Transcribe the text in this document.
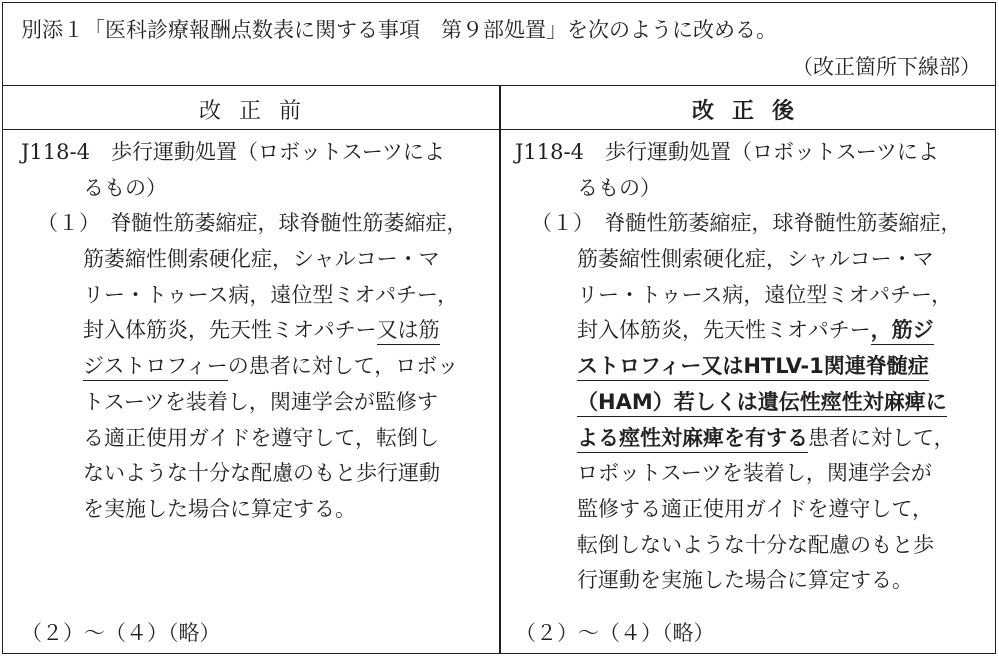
別添１「医科診療報酬点数表に関する事項　第９部処置」を次のように改める。
（改正箇所下線部）
改正前	改正後
J118-4　歩行運動処置（ロボットスーツによ
るもの）
（１）　脊髄性筋萎縮症，球脊髄性筋萎縮症，
筋萎縮性側索硬化症，シャルコー・マ
リー・トゥース病，遠位型ミオパチー，
封入体筋炎，先天性ミオパチー又は筋
ジストロフィーの患者に対して，ロボッ
トスーツを装着し，関連学会が監修す
る適正使用ガイドを遵守して，転倒し
ないような十分な配慮のもと歩行運動
を実施した場合に算定する。
J118-4　歩行運動処置（ロボットスーツによ
るもの）
（１）　脊髄性筋萎縮症，球脊髄性筋萎縮症，
筋萎縮性側索硬化症，シャルコー・マ
リー・トゥース病，遠位型ミオパチー，
封入体筋炎，先天性ミオパチー，筋ジ
ストロフィー又はHTLV-1関連脊髄症
（HAM）若しくは遺伝性痙性対麻痺に
よる痙性対麻痺を有する患者に対して，
ロボットスーツを装着し，関連学会が
監修する適正使用ガイドを遵守して，
転倒しないような十分な配慮のもと歩
行運動を実施した場合に算定する。
（２）～（４）（略）	（２）～（４）（略）
